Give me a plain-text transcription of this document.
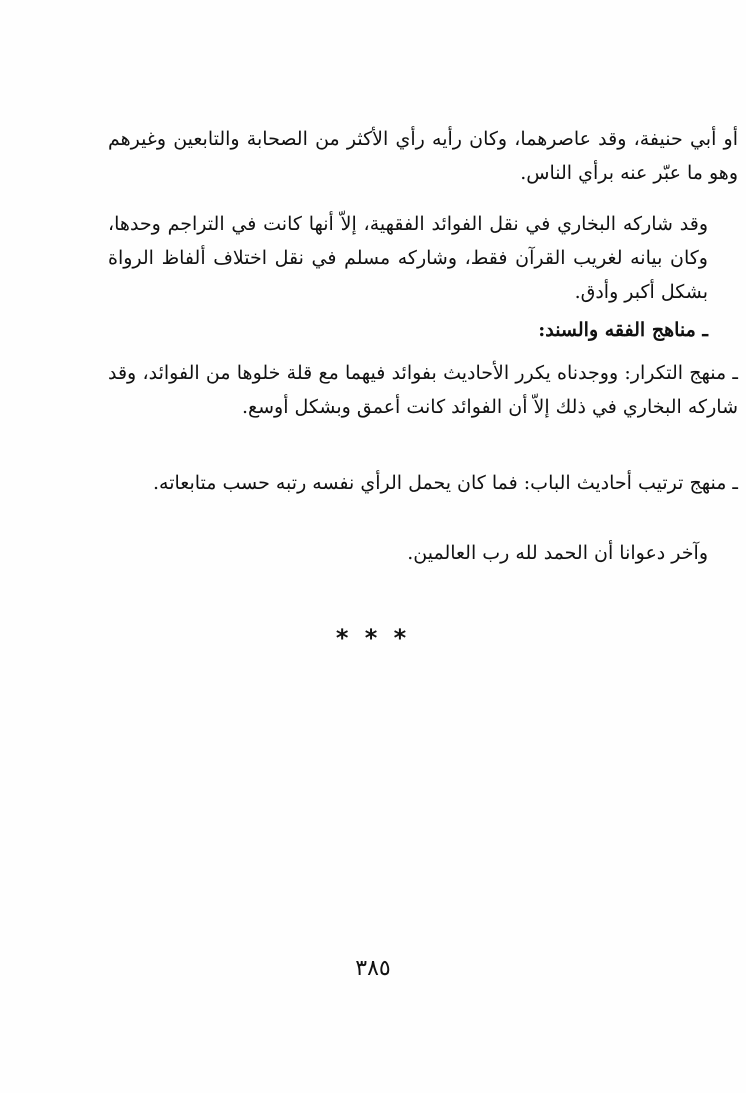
أو أبي حنيفة، وقد عاصرهما، وكان رأيه رأي الأكثر من الصحابة والتابعين وغيرهم وهو ما عبّر عنه برأي الناس.
وقد شاركه البخاري في نقل الفوائد الفقهية، إلاّ أنها كانت في التراجم وحدها، وكان بيانه لغريب القرآن فقط، وشاركه مسلم في نقل اختلاف ألفاظ الرواة بشكل أكبر وأدق.
ـ مناهج الفقه والسند:
ـ منهج التكرار: ووجدناه يكرر الأحاديث بفوائد فيهما مع قلة خلوها من الفوائد، وقد شاركه البخاري في ذلك إلاّ أن الفوائد كانت أعمق وبشكل أوسع.
ـ منهج ترتيب أحاديث الباب: فما كان يحمل الرأي نفسه رتبه حسب متابعاته.
وآخر دعوانا أن الحمد لله رب العالمين.
* * *
٣٨٥
